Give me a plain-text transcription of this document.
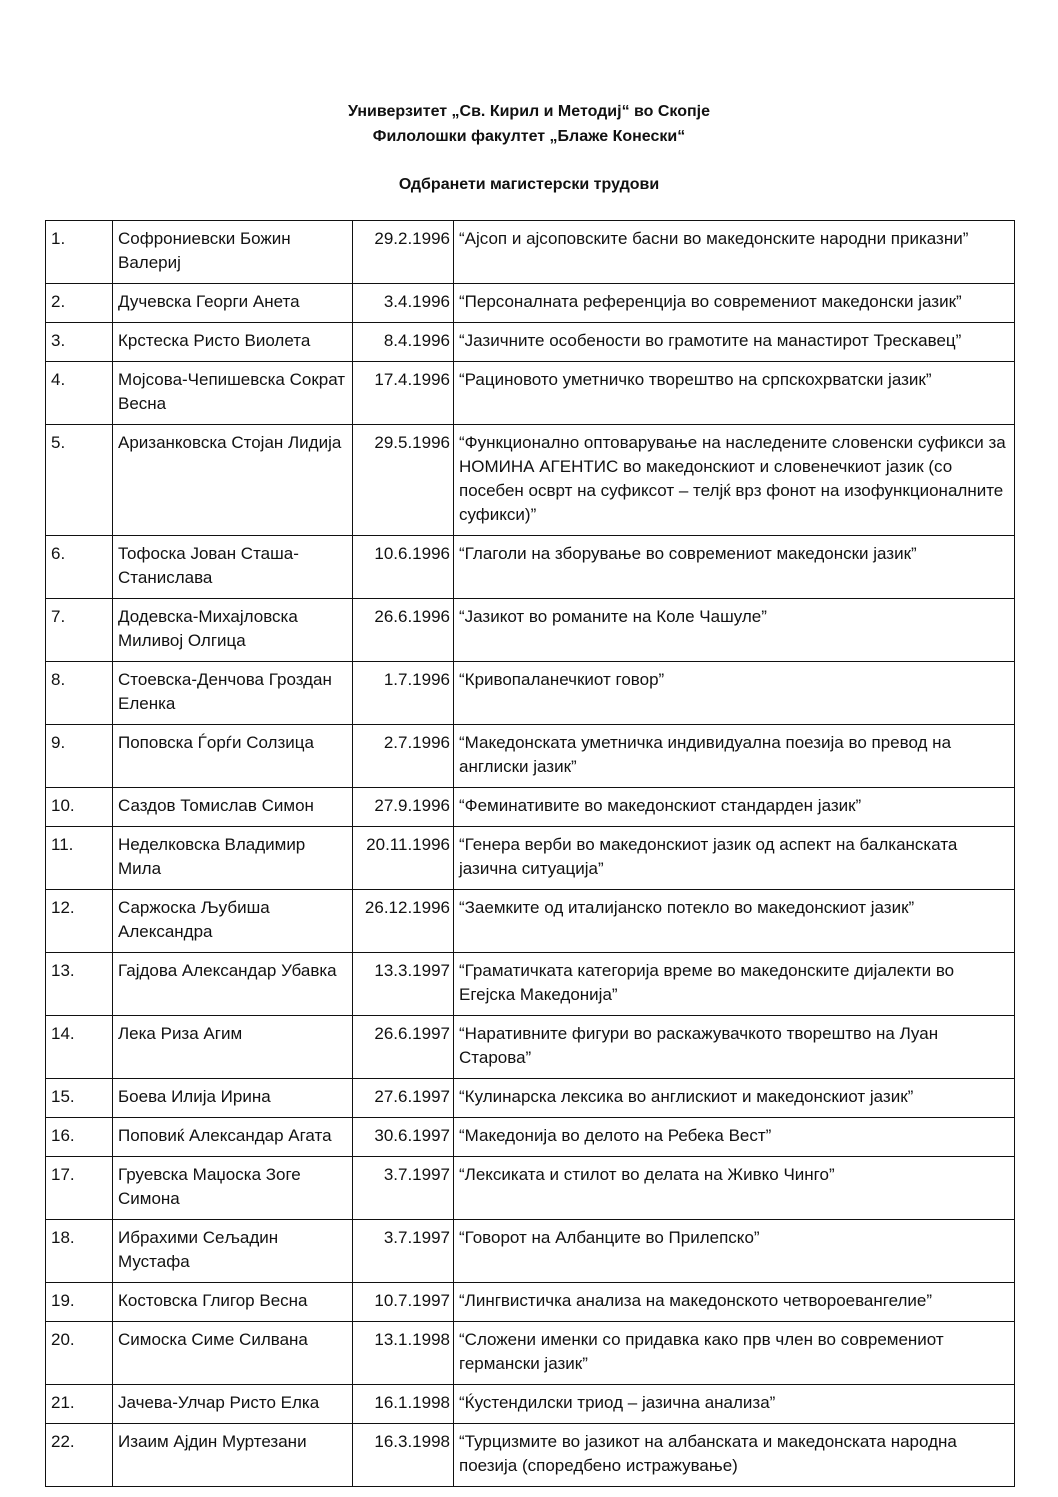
Универзитет „Св. Кирил и Методиј“ во Скопје
Филолошки факултет „Блаже Конески“
Одбранети магистерски трудови
1.	Софрониевски Божин Валериј	29.2.1996	“Ајсоп и ајсоповските басни во македонските народни приказни”
2.	Дучевска Георги Анета	3.4.1996	“Персоналната референција во современиот македонски јазик”
3.	Крстеска Ристо Виолета	8.4.1996	“Јазичните особености во грамотите на манастирот Трескавец”
4.	Мојсова-Чепишевска Сократ Весна	17.4.1996	“Рациновото уметничко творештво на српскохрватски јазик”
5.	Аризанковска Стојан Лидија	29.5.1996	“Функционално оптоварување на наследените словенски суфикси за НОМИНА АГЕНТИС во македонскиот и словенечкиот јазик (со посебен осврт на суфиксот – телјќ врз фонот на изофункционалните суфикси)”
6.	Тофоска Јован Сташа-Станислава	10.6.1996	“Глаголи на зборување во современиот македонски јазик”
7.	Додевска-Михајловска Миливој Олгица	26.6.1996	“Јазикот во романите на Коле Чашуле”
8.	Стоевска-Денчова Гроздан Еленка	1.7.1996	“Кривопаланечкиот говор”
9.	Поповска Ѓорѓи Солзица	2.7.1996	“Македонската уметничка индивидуална поезија во превод на англиски јазик”
10.	Саздов Томислав Симон	27.9.1996	“Феминативите во македонскиот стандарден јазик”
11.	Неделковска Владимир Мила	20.11.1996	“Генера верби во македонскиот јазик од аспект на балканската јазична ситуација”
12.	Саржоска Љубиша Александра	26.12.1996	“Заемките од италијанско потекло во македонскиот јазик”
13.	Гајдова Александар Убавка	13.3.1997	“Граматичката категорија време во македонските дијалекти во Егејска Македонија”
14.	Лека Риза Агим	26.6.1997	“Наративните фигури во раскажувачкото творештво на Луан Старова”
15.	Боева Илија Ирина	27.6.1997	“Кулинарска лексика во англискиот и македонскиот јазик”
16.	Поповиќ Александар Агата	30.6.1997	“Македонија во делото на Ребека Вест”
17.	Груевска Маџоска Зоге Симона	3.7.1997	“Лексиката и стилот во делата на Живко Чинго”
18.	Ибрахими Сељадин Мустафа	3.7.1997	“Говорот на Албанците во Прилепско”
19.	Костовска Глигор Весна	10.7.1997	“Лингвистичка анализа на македонското четвороевангелие”
20.	Симоска Симе Силвана	13.1.1998	“Сложени именки со придавка како прв член во современиот германски јазик”
21.	Јачева-Улчар Ристо Елка	16.1.1998	“Ќустендилски триод – јазична анализа”
22.	Изаим Ајдин Муртезани	16.3.1998	“Турцизмите во јазикот на албанската и македонската народна поезија (споредбено истражување)
